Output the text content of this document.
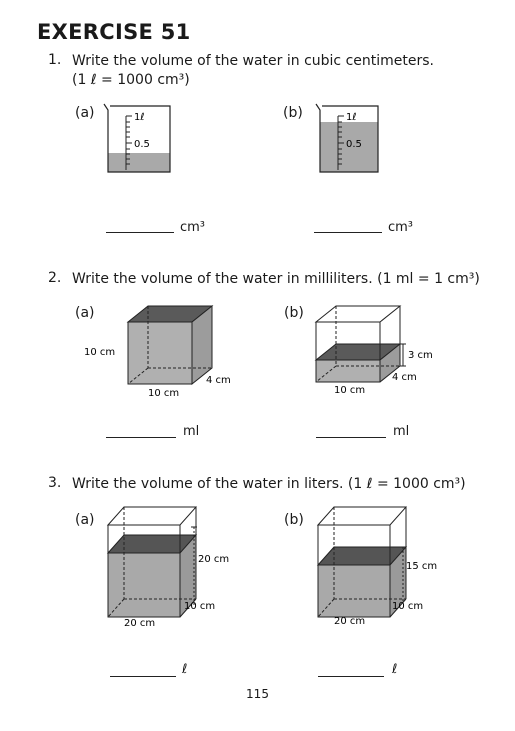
EXERCISE 51
1. Write the volume of the water in cubic centimeters.
(1 ℓ = 1000 cm³)
(a)	1ℓ
0.5
cm³
(b)	1ℓ
0.5
cm³
2. Write the volume of the water in milliliters. (1 ml = 1 cm³)
(a)
10 cm
10 cm
4 cm
ml
(b)
3 cm
10 cm
4 cm
ml
3. Write the volume of the water in liters. (1 ℓ = 1000 cm³)
(a)
20 cm
20 cm
10 cm
ℓ
(b)
15 cm
20 cm
10 cm
ℓ
115
